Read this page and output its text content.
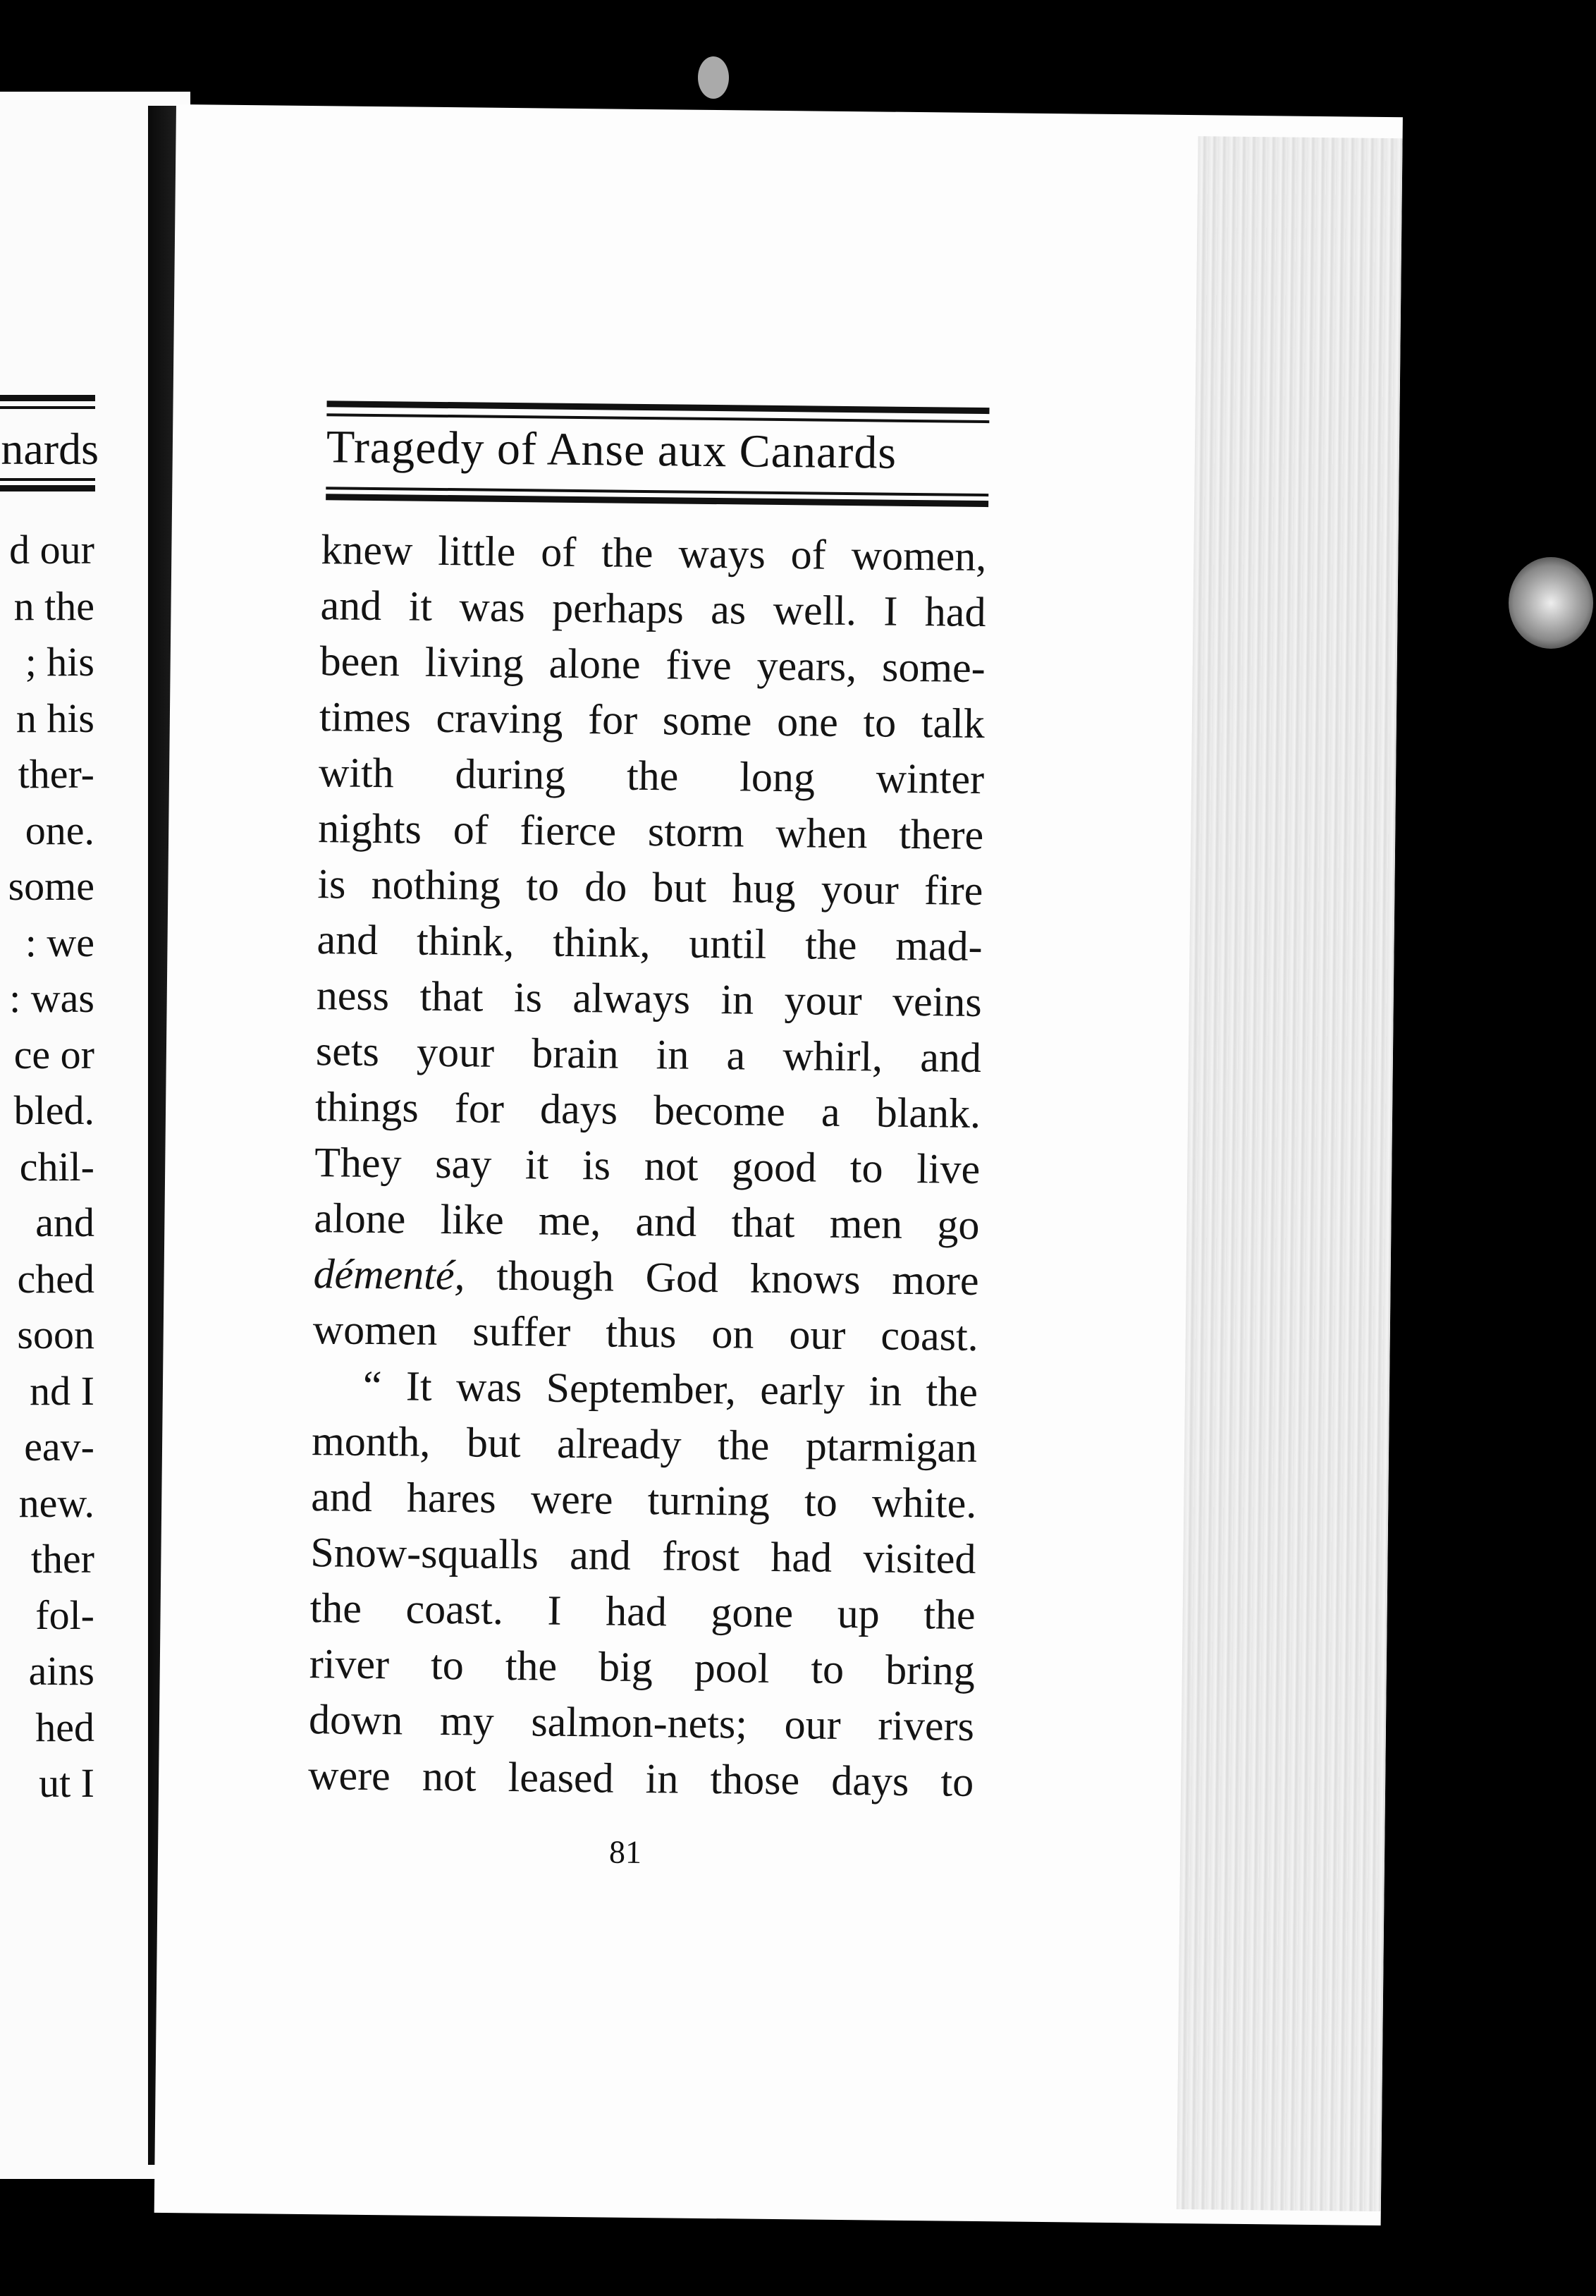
nards
d our
n the
; his
n his
ther-
one.
some
: we
: was
ce or
bled.
chil-
and
ched
soon
nd I
eav-
new.
ther
fol-
ains
hed
ut I
Tragedy of Anse aux Canards
knew little of the ways of women,
and it was perhaps as well. I had
been living alone five years, some-
times craving for some one to talk
with during the long winter
nights of fierce storm when there
is nothing to do but hug your fire
and think, think, until the mad-
ness that is always in your veins
sets your brain in a whirl, and
things for days become a blank.
They say it is not good to live
alone like me, and that men go
démenté, though God knows more
women suffer thus on our coast.
“ It was September, early in the
month, but already the ptarmigan
and hares were turning to white.
Snow-squalls and frost had visited
the coast. I had gone up the
river to the big pool to bring
down my salmon-nets; our rivers
were not leased in those days to
81
